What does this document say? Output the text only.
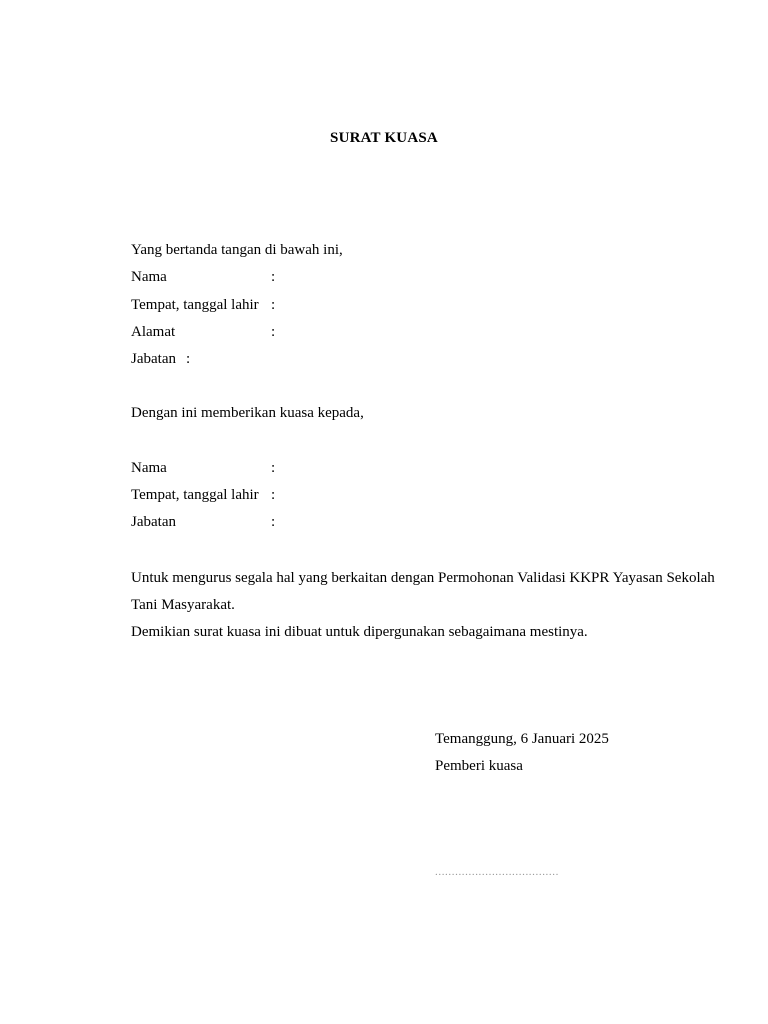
SURAT KUASA
Yang bertanda tangan di bawah ini,
Nama	:
Tempat, tanggal lahir :
Alamat	:
Jabatan :
Dengan ini memberikan kuasa kepada,
Nama	:
Tempat, tanggal lahir :
Jabatan	:
Untuk mengurus segala hal yang berkaitan dengan Permohonan Validasi KKPR Yayasan Sekolah Tani Masyarakat.
Demikian surat kuasa ini dibuat untuk dipergunakan sebagaimana mestinya.
Temanggung, 6 Januari 2025
Pemberi kuasa
.....................................
